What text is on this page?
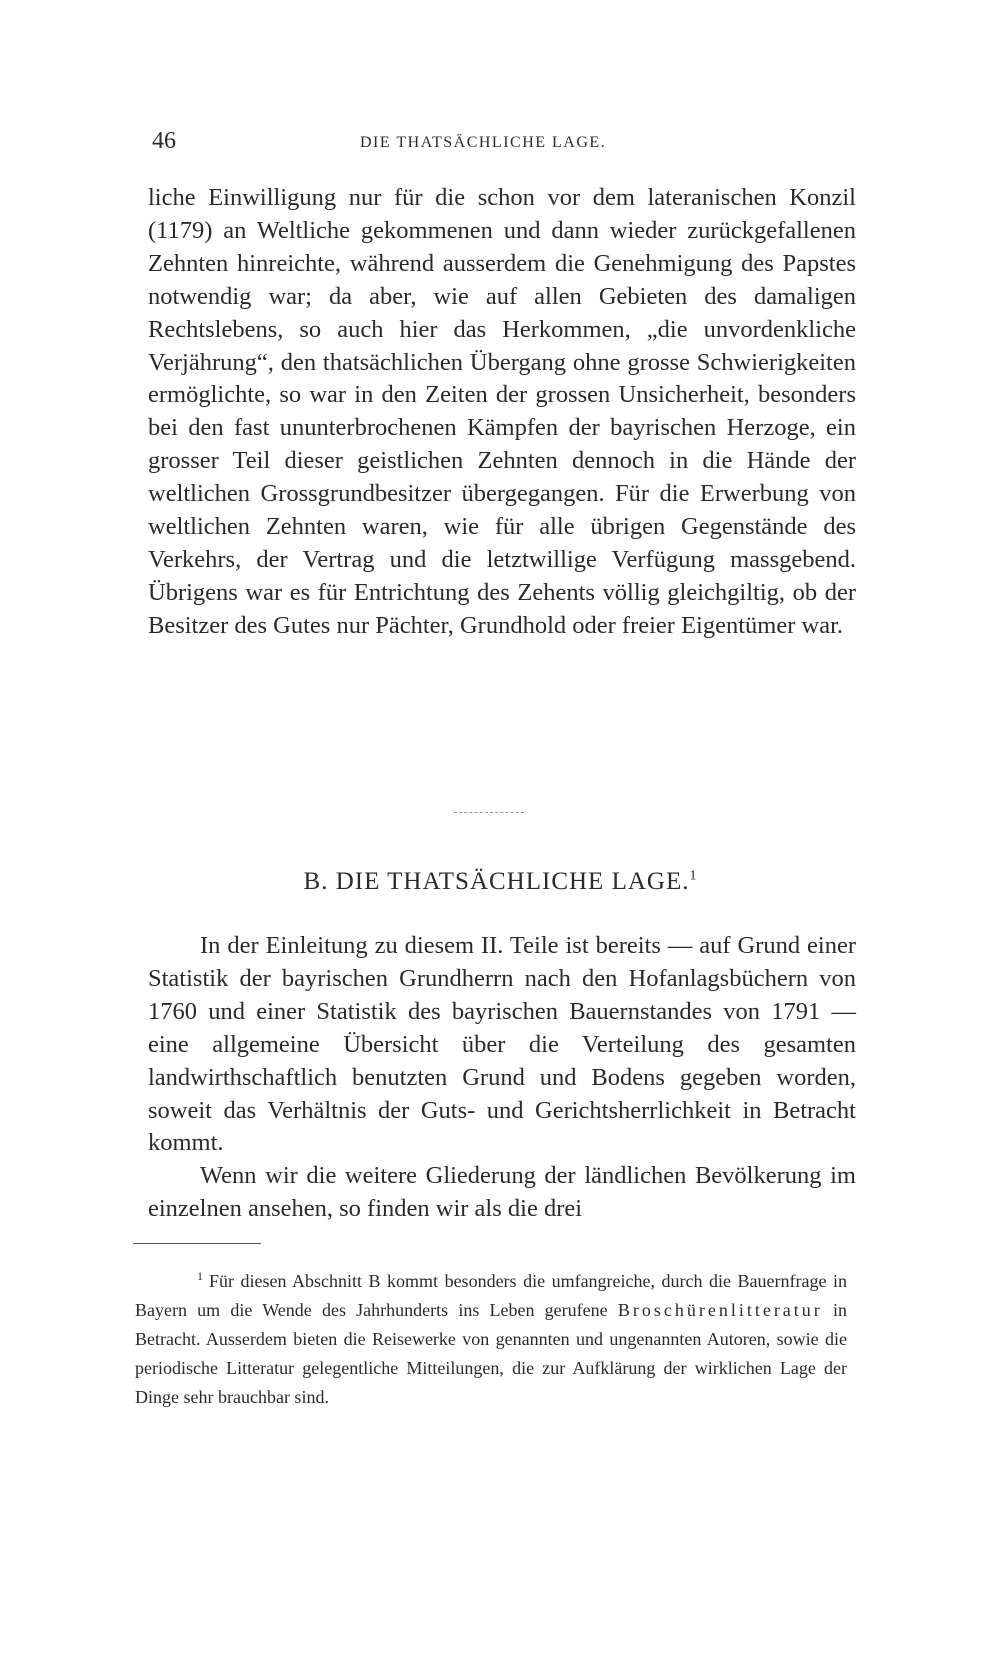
46	DIE THATSÄCHLICHE LAGE.

liche Einwilligung nur für die schon vor dem lateranischen Konzil (1179) an Weltliche gekommenen und dann wieder zurückgefallenen Zehnten hinreichte, während ausserdem die Genehmigung des Papstes notwendig war; da aber, wie auf allen Gebieten des damaligen Rechtslebens, so auch hier das Herkommen, „die unvordenkliche Verjährung“, den thatsächlichen Übergang ohne grosse Schwierigkeiten ermöglichte, so war in den Zeiten der grossen Unsicherheit, besonders bei den fast ununterbrochenen Kämpfen der bayrischen Herzoge, ein grosser Teil dieser geistlichen Zehnten dennoch in die Hände der weltlichen Grossgrundbesitzer übergegangen. Für die Erwerbung von weltlichen Zehnten waren, wie für alle übrigen Gegenstände des Verkehrs, der Vertrag und die letztwillige Verfügung massgebend. Übrigens war es für Entrichtung des Zehents völlig gleichgiltig, ob der Besitzer des Gutes nur Pächter, Grundhold oder freier Eigentümer war.

B. DIE THATSÄCHLICHE LAGE.$^1$

In der Einleitung zu diesem II. Teile ist bereits — auf Grund einer Statistik der bayrischen Grundherrn nach den Hofanlagsbüchern von 1760 und einer Statistik des bayrischen Bauernstandes von 1791 — eine allgemeine Übersicht über die Verteilung des gesamten landwirthschaftlich benutzten Grund und Bodens gegeben worden, soweit das Verhältnis der Guts- und Gerichtsherrlichkeit in Betracht kommt.

Wenn wir die weitere Gliederung der ländlichen Bevölkerung im einzelnen ansehen, so finden wir als die drei

$^1$ Für diesen Abschnitt B kommt besonders die umfangreiche, durch die Bauernfrage in Bayern um die Wende des Jahrhunderts ins Leben gerufene Broschürenlitteratur in Betracht. Ausserdem bieten die Reisewerke von genannten und ungenannten Autoren, sowie die periodische Litteratur gelegentliche Mitteilungen, die zur Aufklärung der wirklichen Lage der Dinge sehr brauchbar sind.
